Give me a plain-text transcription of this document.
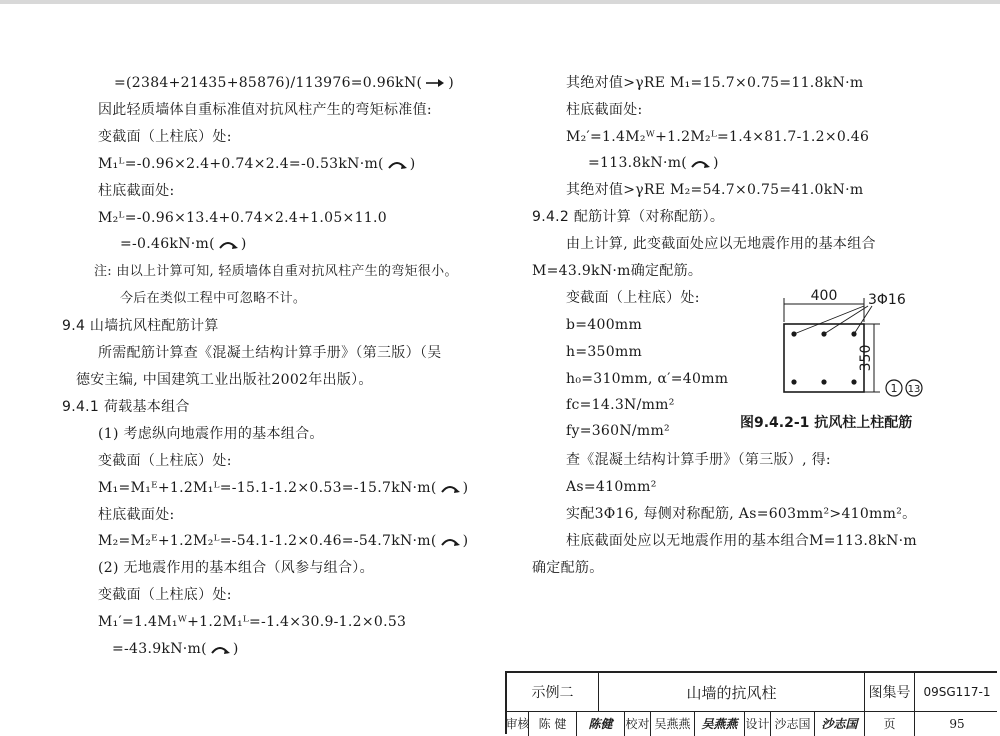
=(2384+21435+85876)/113976=0.96kN( )
因此轻质墙体自重标准值对抗风柱产生的弯矩标准值:
变截面（上柱底）处:
M₁ᴸ=-0.96×2.4+0.74×2.4=-0.53kN·m( )
柱底截面处:
M₂ᴸ=-0.96×13.4+0.74×2.4+1.05×11.0
=-0.46kN·m( )
注: 由以上计算可知, 轻质墙体自重对抗风柱产生的弯矩很小。
今后在类似工程中可忽略不计。
9.4 山墙抗风柱配筋计算
所需配筋计算查《混凝土结构计算手册》（第三版）（吴
德安主编, 中国建筑工业出版社2002年出版）。
9.4.1 荷载基本组合
(1) 考虑纵向地震作用的基本组合。
变截面（上柱底）处:
M₁=M₁ᴱ+1.2M₁ᴸ=-15.1-1.2×0.53=-15.7kN·m( )
柱底截面处:
M₂=M₂ᴱ+1.2M₂ᴸ=-54.1-1.2×0.46=-54.7kN·m( )
(2) 无地震作用的基本组合（风参与组合）。
变截面（上柱底）处:
M₁′=1.4M₁ᵂ+1.2M₁ᴸ=-1.4×30.9-1.2×0.53
=-43.9kN·m( )
其绝对值>γRE M₁=15.7×0.75=11.8kN·m
柱底截面处:
M₂′=1.4M₂ᵂ+1.2M₂ᴸ=1.4×81.7-1.2×0.46
=113.8kN·m( )
其绝对值>γRE M₂=54.7×0.75=41.0kN·m
9.4.2 配筋计算（对称配筋）。
由上计算, 此变截面处应以无地震作用的基本组合
M=43.9kN·m确定配筋。
变截面（上柱底）处:
b=400mm
h=350mm
h₀=310mm, α′=40mm
fc=14.3N/mm²
fy=360N/mm²
查《混凝土结构计算手册》（第三版）, 得:
As=410mm²
实配3Φ16, 每侧对称配筋, As=603mm²>410mm²。
柱底截面处应以无地震作用的基本组合M=113.8kN·m
确定配筋。
400 3Φ16
350
1 13
图9.4.2-1 抗风柱上柱配筋
示例二	山墙的抗风柱	图集号	09SG117-1
审核 陈 健	陈健	校对 吴燕燕 吴燕燕 设计 沙志国 沙志国	页	95
